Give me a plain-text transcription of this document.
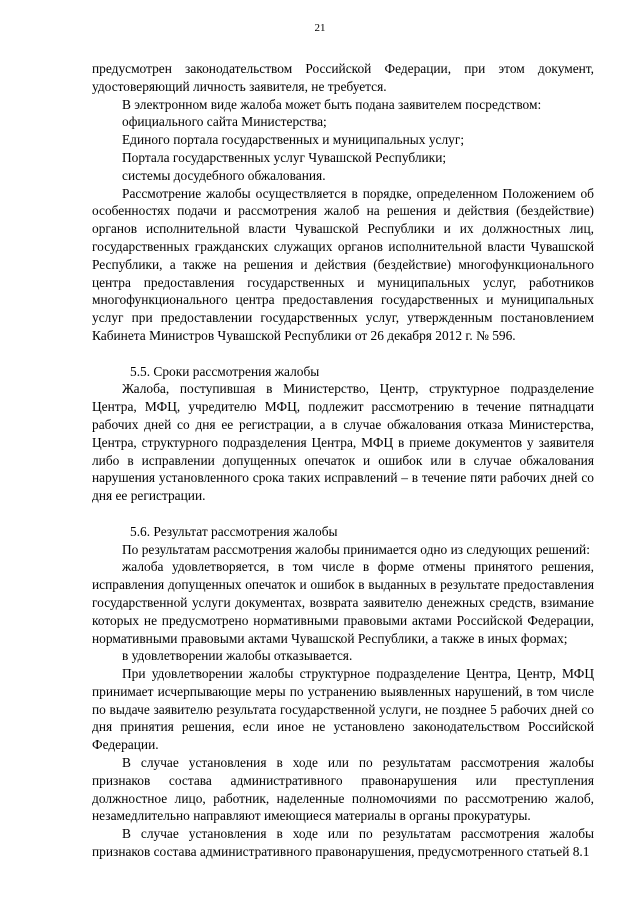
21

предусмотрен законодательством Российской Федерации, при этом документ, удостоверяющий личность заявителя, не требуется.

В электронном виде жалоба может быть подана заявителем посредством:

официального сайта Министерства;

Единого портала государственных и муниципальных услуг;

Портала государственных услуг Чувашской Республики;

системы досудебного обжалования.

Рассмотрение жалобы осуществляется в порядке, определенном Положением об особенностях подачи и рассмотрения жалоб на решения и действия (бездействие) органов исполнительной власти Чувашской Республики и их должностных лиц, государственных гражданских служащих органов исполнительной власти Чувашской Республики, а также на решения и действия (бездействие) многофункционального центра предоставления государственных и муниципальных услуг, работников многофункционального центра предоставления государственных и муниципальных услуг при предоставлении государственных услуг, утвержденным постановлением Кабинета Министров Чувашской Республики от 26 декабря 2012 г. № 596.

5.5. Сроки рассмотрения жалобы

Жалоба, поступившая в Министерство, Центр, структурное подразделение Центра, МФЦ, учредителю МФЦ, подлежит рассмотрению в течение пятнадцати рабочих дней со дня ее регистрации, а в случае обжалования отказа Министерства, Центра, структурного подразделения Центра, МФЦ в приеме документов у заявителя либо в исправлении допущенных опечаток и ошибок или в случае обжалования нарушения установленного срока таких исправлений – в течение пяти рабочих дней со дня ее регистрации.

5.6. Результат рассмотрения жалобы

По результатам рассмотрения жалобы принимается одно из следующих решений:

жалоба удовлетворяется, в том числе в форме отмены принятого решения, исправления допущенных опечаток и ошибок в выданных в результате предоставления государственной услуги документах, возврата заявителю денежных средств, взимание которых не предусмотрено нормативными правовыми актами Российской Федерации, нормативными правовыми актами Чувашской Республики, а также в иных формах;

в удовлетворении жалобы отказывается.

При удовлетворении жалобы структурное подразделение Центра, Центр, МФЦ принимает исчерпывающие меры по устранению выявленных нарушений, в том числе по выдаче заявителю результата государственной услуги, не позднее 5 рабочих дней со дня принятия решения, если иное не установлено законодательством Российской Федерации.

В случае установления в ходе или по результатам рассмотрения жалобы признаков состава административного правонарушения или преступления должностное лицо, работник, наделенные полномочиями по рассмотрению жалоб, незамедлительно направляют имеющиеся материалы в органы прокуратуры.

В случае установления в ходе или по результатам рассмотрения жалобы признаков состава административного правонарушения, предусмотренного статьей 8.1
